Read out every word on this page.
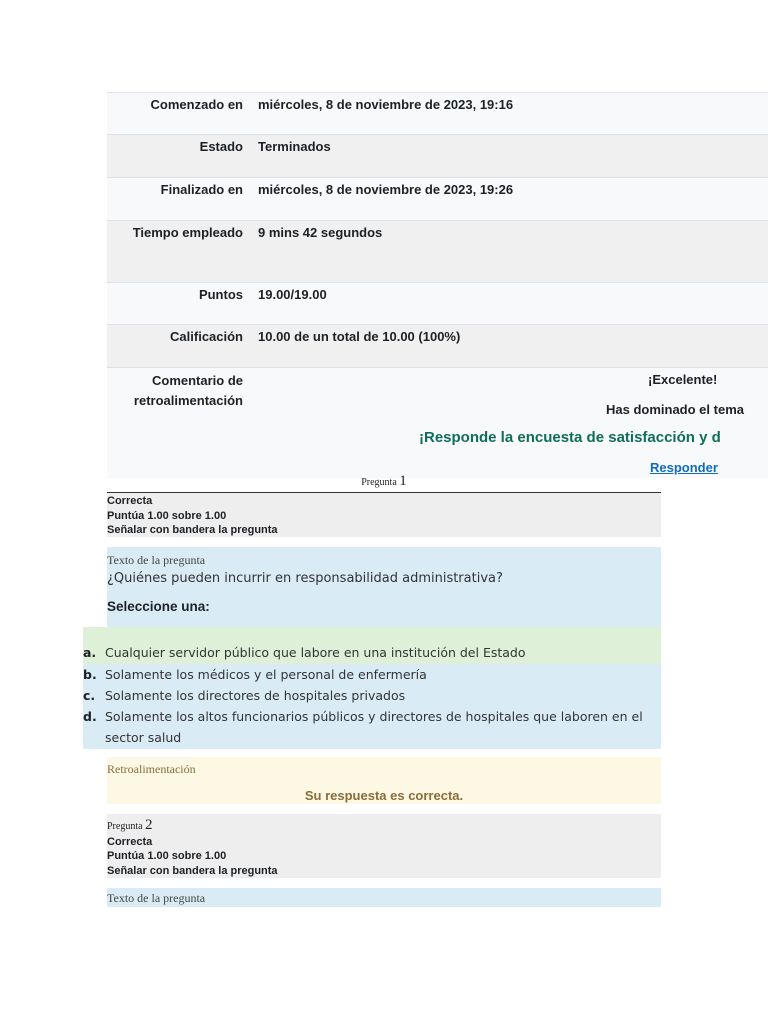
Comenzado en	miércoles, 8 de noviembre de 2023, 19:16
Estado	Terminados
Finalizado en	miércoles, 8 de noviembre de 2023, 19:26
Tiempo empleado	9 mins 42 segundos
Puntos	19.00/19.00
Calificación	10.00 de un total de 10.00 (100%)
Comentario de retroalimentación
¡Excelente!
Has dominado el tema
¡Responde la encuesta de satisfacción y d
Responder
Pregunta 1
Correcta
Puntúa 1.00 sobre 1.00
Señalar con bandera la pregunta
Texto de la pregunta
¿Quiénes pueden incurrir en responsabilidad administrativa?
Seleccione una:
a. Cualquier servidor público que labore en una institución del Estado
b. Solamente los médicos y el personal de enfermería
c. Solamente los directores de hospitales privados
d. Solamente los altos funcionarios públicos y directores de hospitales que laboren en el sector salud
Retroalimentación
Su respuesta es correcta.
Pregunta 2
Correcta
Puntúa 1.00 sobre 1.00
Señalar con bandera la pregunta
Texto de la pregunta
